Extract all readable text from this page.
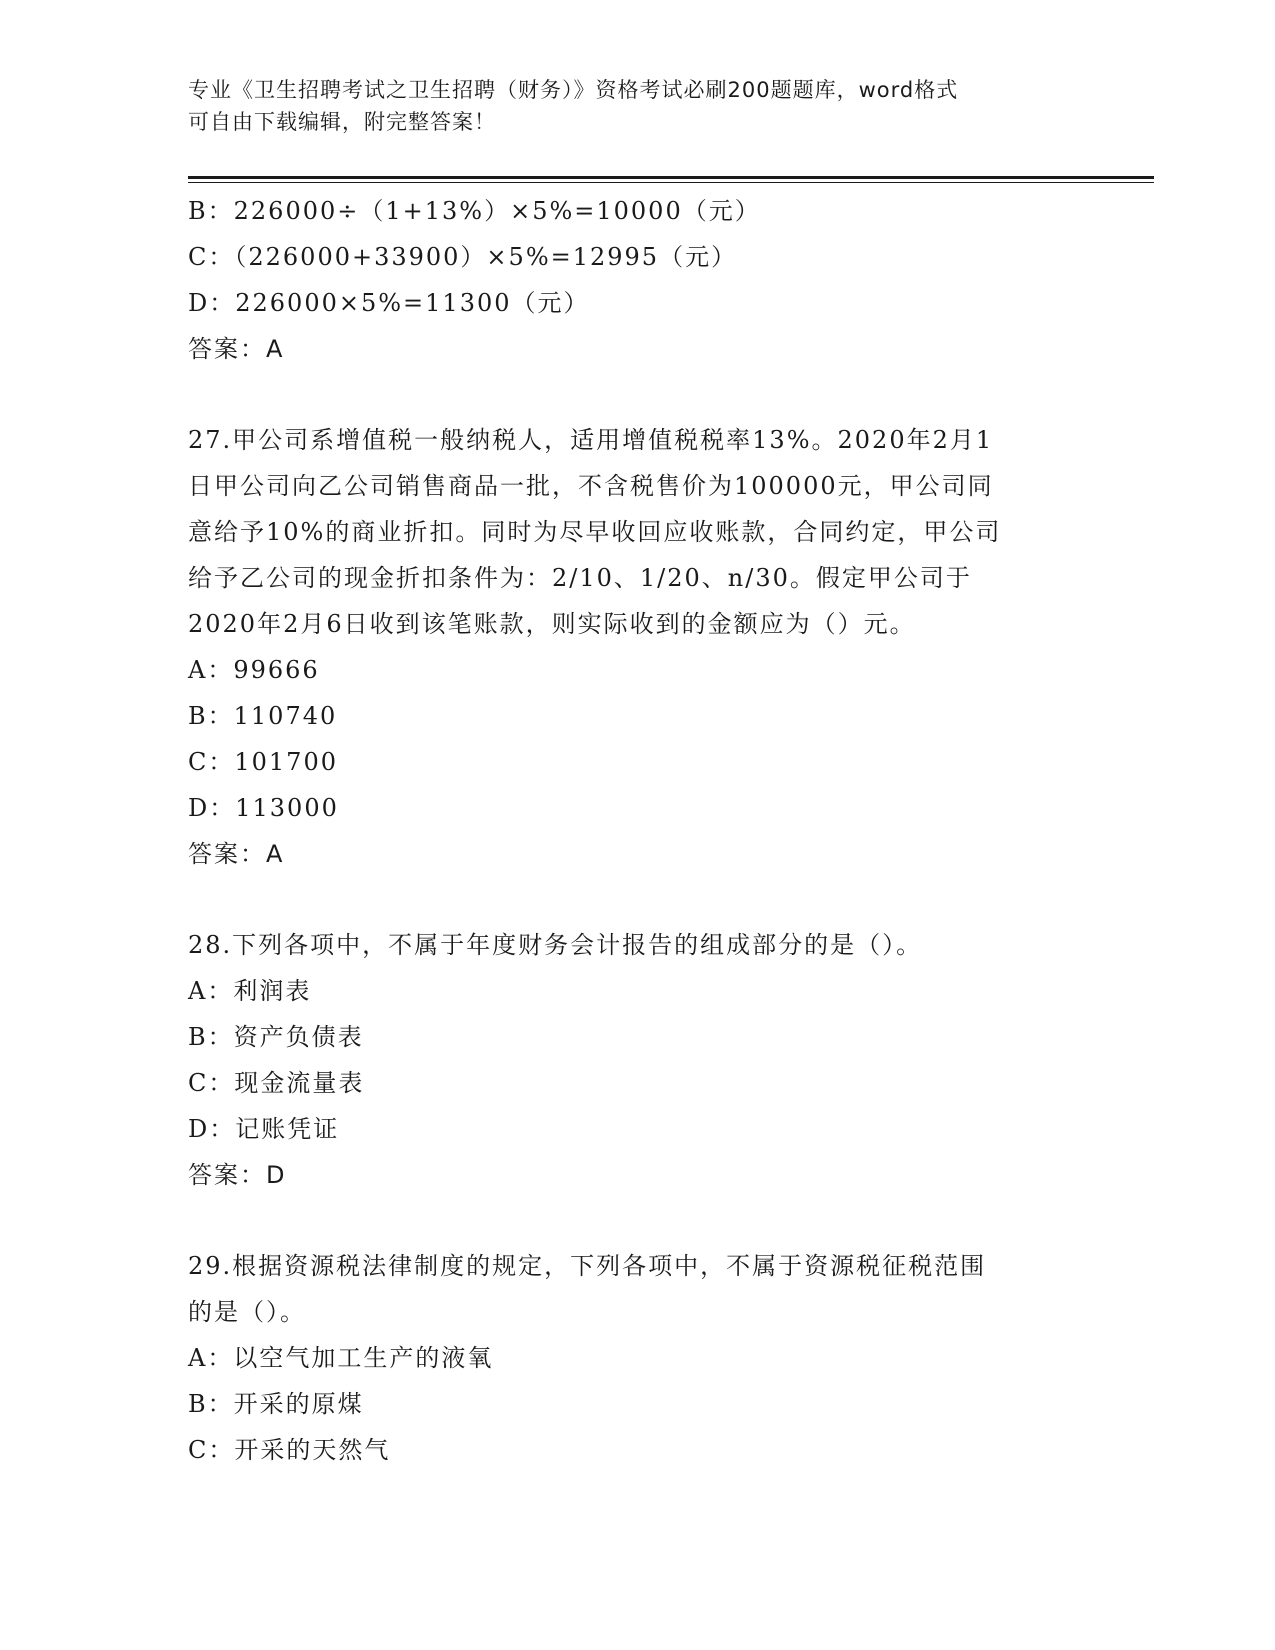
专业《卫生招聘考试之卫生招聘（财务）》资格考试必刷200题题库，word格式
可自由下载编辑，附完整答案！
B：226000÷（1+13%）×5%=10000（元）
C：（226000+33900）×5%=12995（元）
D：226000×5%=11300（元）
答案：A
27.甲公司系增值税一般纳税人，适用增值税税率13%。2020年2月1
日甲公司向乙公司销售商品一批，不含税售价为100000元，甲公司同
意给予10%的商业折扣。同时为尽早收回应收账款，合同约定，甲公司
给予乙公司的现金折扣条件为：2/10、1/20、n/30。假定甲公司于
2020年2月6日收到该笔账款，则实际收到的金额应为（）元。
A：99666
B：110740
C：101700
D：113000
答案：A
28.下列各项中，不属于年度财务会计报告的组成部分的是（）。
A：利润表
B：资产负债表
C：现金流量表
D：记账凭证
答案：D
29.根据资源税法律制度的规定，下列各项中，不属于资源税征税范围
的是（）。
A：以空气加工生产的液氧
B：开采的原煤
C：开采的天然气
